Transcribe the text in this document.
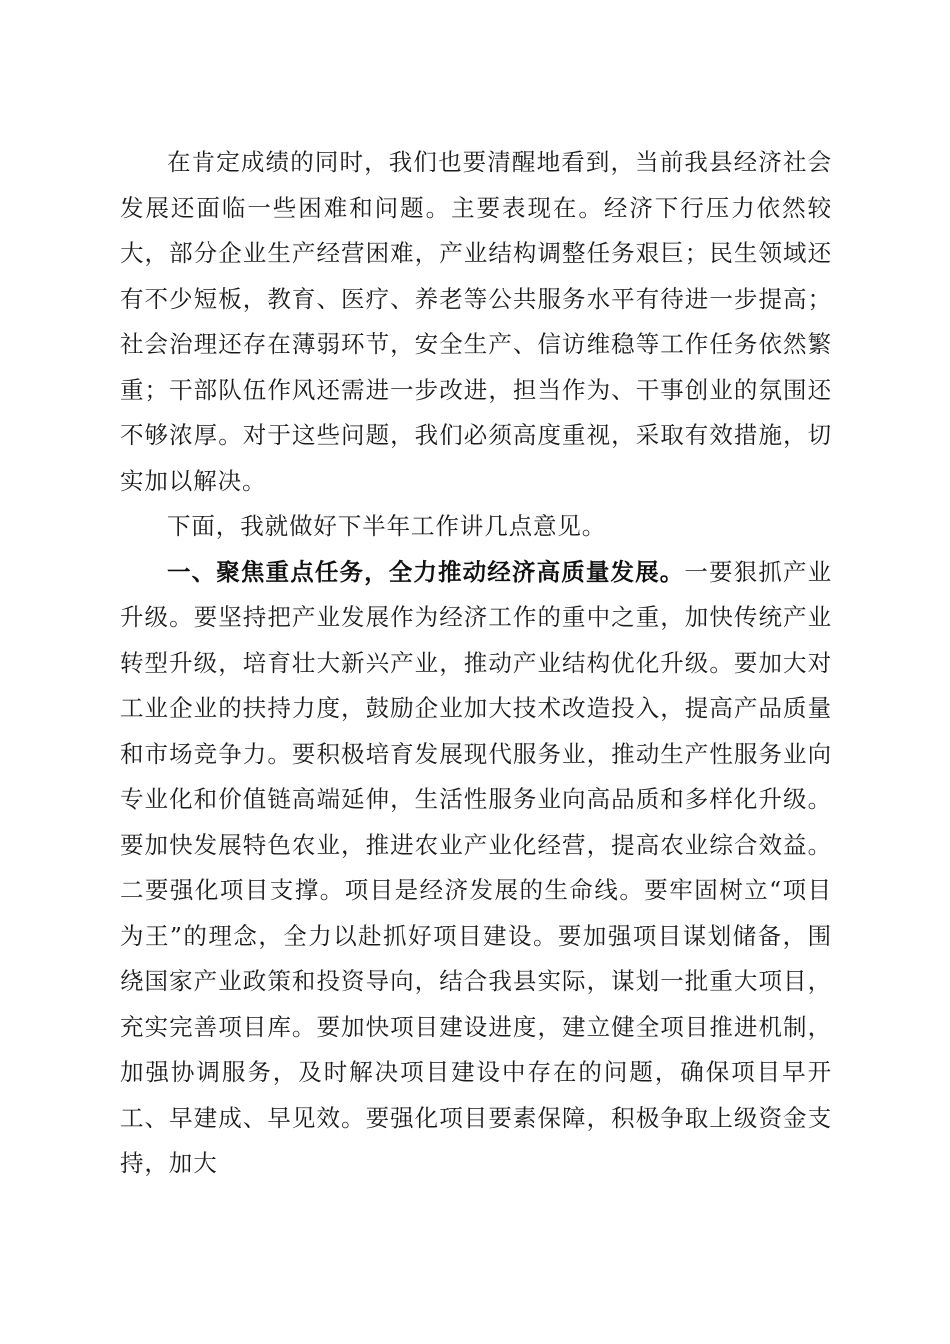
在肯定成绩的同时，我们也要清醒地看到，当前我县经济社会发展还面临一些困难和问题。主要表现在。经济下行压力依然较大，部分企业生产经营困难，产业结构调整任务艰巨；民生领域还有不少短板，教育、医疗、养老等公共服务水平有待进一步提高；社会治理还存在薄弱环节，安全生产、信访维稳等工作任务依然繁重；干部队伍作风还需进一步改进，担当作为、干事创业的氛围还不够浓厚。对于这些问题，我们必须高度重视，采取有效措施，切实加以解决。

下面，我就做好下半年工作讲几点意见。

一、聚焦重点任务，全力推动经济高质量发展。一要狠抓产业升级。要坚持把产业发展作为经济工作的重中之重，加快传统产业转型升级，培育壮大新兴产业，推动产业结构优化升级。要加大对工业企业的扶持力度，鼓励企业加大技术改造投入，提高产品质量和市场竞争力。要积极培育发展现代服务业，推动生产性服务业向专业化和价值链高端延伸，生活性服务业向高品质和多样化升级。要加快发展特色农业，推进农业产业化经营，提高农业综合效益。二要强化项目支撑。项目是经济发展的生命线。要牢固树立“项目为王”的理念，全力以赴抓好项目建设。要加强项目谋划储备，围绕国家产业政策和投资导向，结合我县实际，谋划一批重大项目，充实完善项目库。要加快项目建设进度，建立健全项目推进机制，加强协调服务，及时解决项目建设中存在的问题，确保项目早开工、早建成、早见效。要强化项目要素保障，积极争取上级资金支持，加大
